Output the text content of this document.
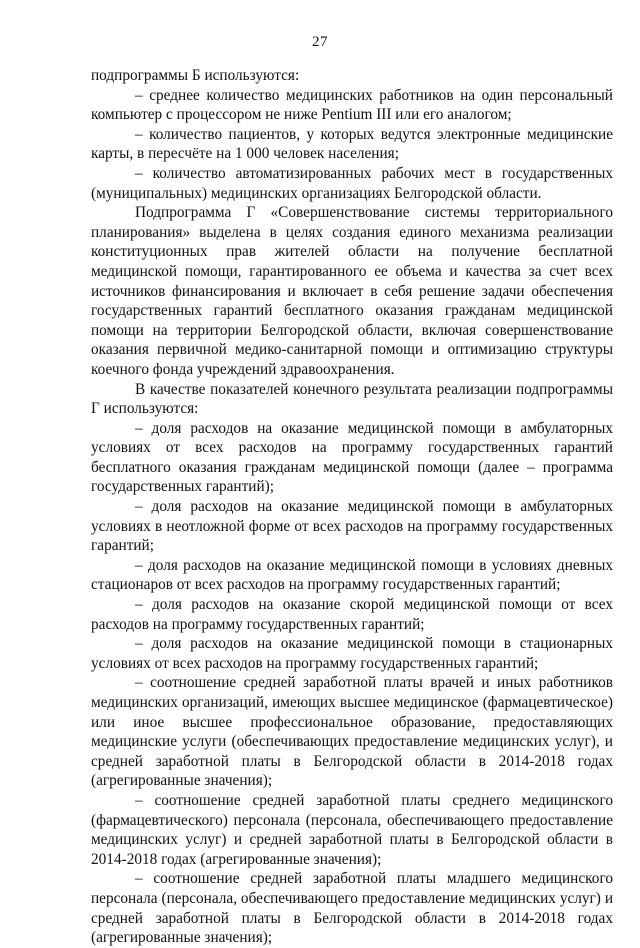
27

подпрограммы Б используются:

– среднее количество медицинских работников на один персональный компьютер с процессором не ниже Pentium III или его аналогом;

– количество пациентов, у которых ведутся электронные медицинские карты, в пересчёте на 1 000 человек населения;

– количество автоматизированных рабочих мест в государственных (муниципальных) медицинских организациях Белгородской области.

Подпрограмма Г «Совершенствование системы территориального планирования» выделена в целях создания единого механизма реализации конституционных прав жителей области на получение бесплатной медицинской помощи, гарантированного ее объема и качества за счет всех источников финансирования и включает в себя решение задачи обеспечения государственных гарантий бесплатного оказания гражданам медицинской помощи на территории Белгородской области, включая совершенствование оказания первичной медико-санитарной помощи и оптимизацию структуры коечного фонда учреждений здравоохранения.

В качестве показателей конечного результата реализации подпрограммы Г используются:

– доля расходов на оказание медицинской помощи в амбулаторных условиях от всех расходов на программу государственных гарантий бесплатного оказания гражданам медицинской помощи (далее – программа государственных гарантий);

– доля расходов на оказание медицинской помощи в амбулаторных условиях в неотложной форме от всех расходов на программу государственных гарантий;

– доля расходов на оказание медицинской помощи в условиях дневных стационаров от всех расходов на программу государственных гарантий;

– доля расходов на оказание скорой медицинской помощи от всех расходов на программу государственных гарантий;

– доля расходов на оказание медицинской помощи в стационарных условиях от всех расходов на программу государственных гарантий;

– соотношение средней заработной платы врачей и иных работников медицинских организаций, имеющих высшее медицинское (фармацевтическое) или иное высшее профессиональное образование, предоставляющих медицинские услуги (обеспечивающих предоставление медицинских услуг), и средней заработной платы в Белгородской области в 2014-2018 годах (агрегированные значения);

– соотношение средней заработной платы среднего медицинского (фармацевтического) персонала (персонала, обеспечивающего предоставление медицинских услуг) и средней заработной платы в Белгородской области в 2014-2018 годах (агрегированные значения);

– соотношение средней заработной платы младшего медицинского персонала (персонала, обеспечивающего предоставление медицинских услуг) и средней заработной платы в Белгородской области в 2014-2018 годах (агрегированные значения);
